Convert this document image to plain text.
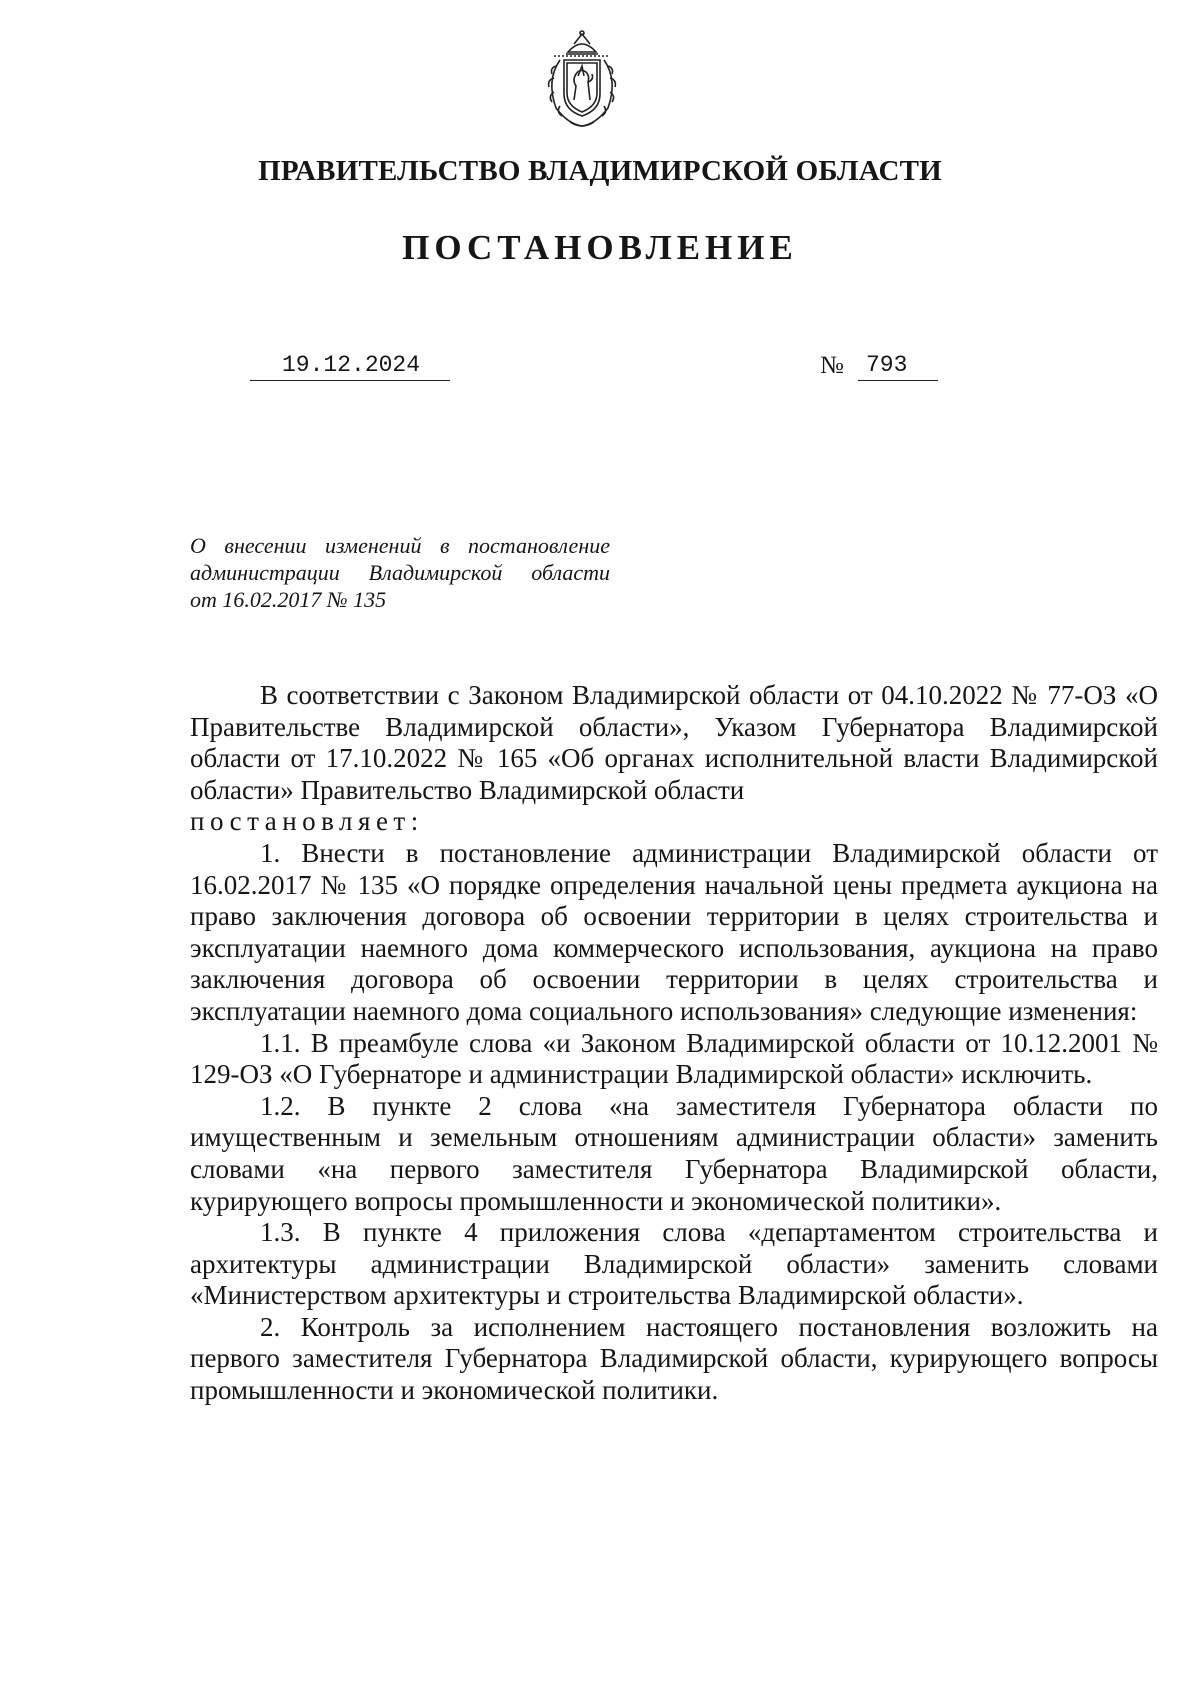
ПРАВИТЕЛЬСТВО ВЛАДИМИРСКОЙ ОБЛАСТИ
ПОСТАНОВЛЕНИЕ
19.12.2024	№ 793
О внесении изменений в постановление
администрации Владимирской области
от 16.02.2017 № 135

В соответствии с Законом Владимирской области от 04.10.2022 № 77-ОЗ «О Правительстве Владимирской области», Указом Губернатора Владимирской области от 17.10.2022 № 165 «Об органах исполнительной власти Владимирской области» Правительство Владимирской области

постановляет:

1. Внести в постановление администрации Владимирской области от 16.02.2017 № 135 «О порядке определения начальной цены предмета аукциона на право заключения договора об освоении территории в целях строительства и эксплуатации наемного дома коммерческого использования, аукциона на право заключения договора об освоении территории в целях строительства и эксплуатации наемного дома социального использования» следующие изменения:

1.1. В преамбуле слова «и Законом Владимирской области от 10.12.2001 № 129-ОЗ «О Губернаторе и администрации Владимирской области» исключить.

1.2. В пункте 2 слова «на заместителя Губернатора области по имущественным и земельным отношениям администрации области» заменить словами «на первого заместителя Губернатора Владимирской области, курирующего вопросы промышленности и экономической политики».

1.3. В пункте 4 приложения слова «департаментом строительства и архитектуры администрации Владимирской области» заменить словами «Министерством архитектуры и строительства Владимирской области».

2. Контроль за исполнением настоящего постановления возложить на первого заместителя Губернатора Владимирской области, курирующего вопросы промышленности и экономической политики.
